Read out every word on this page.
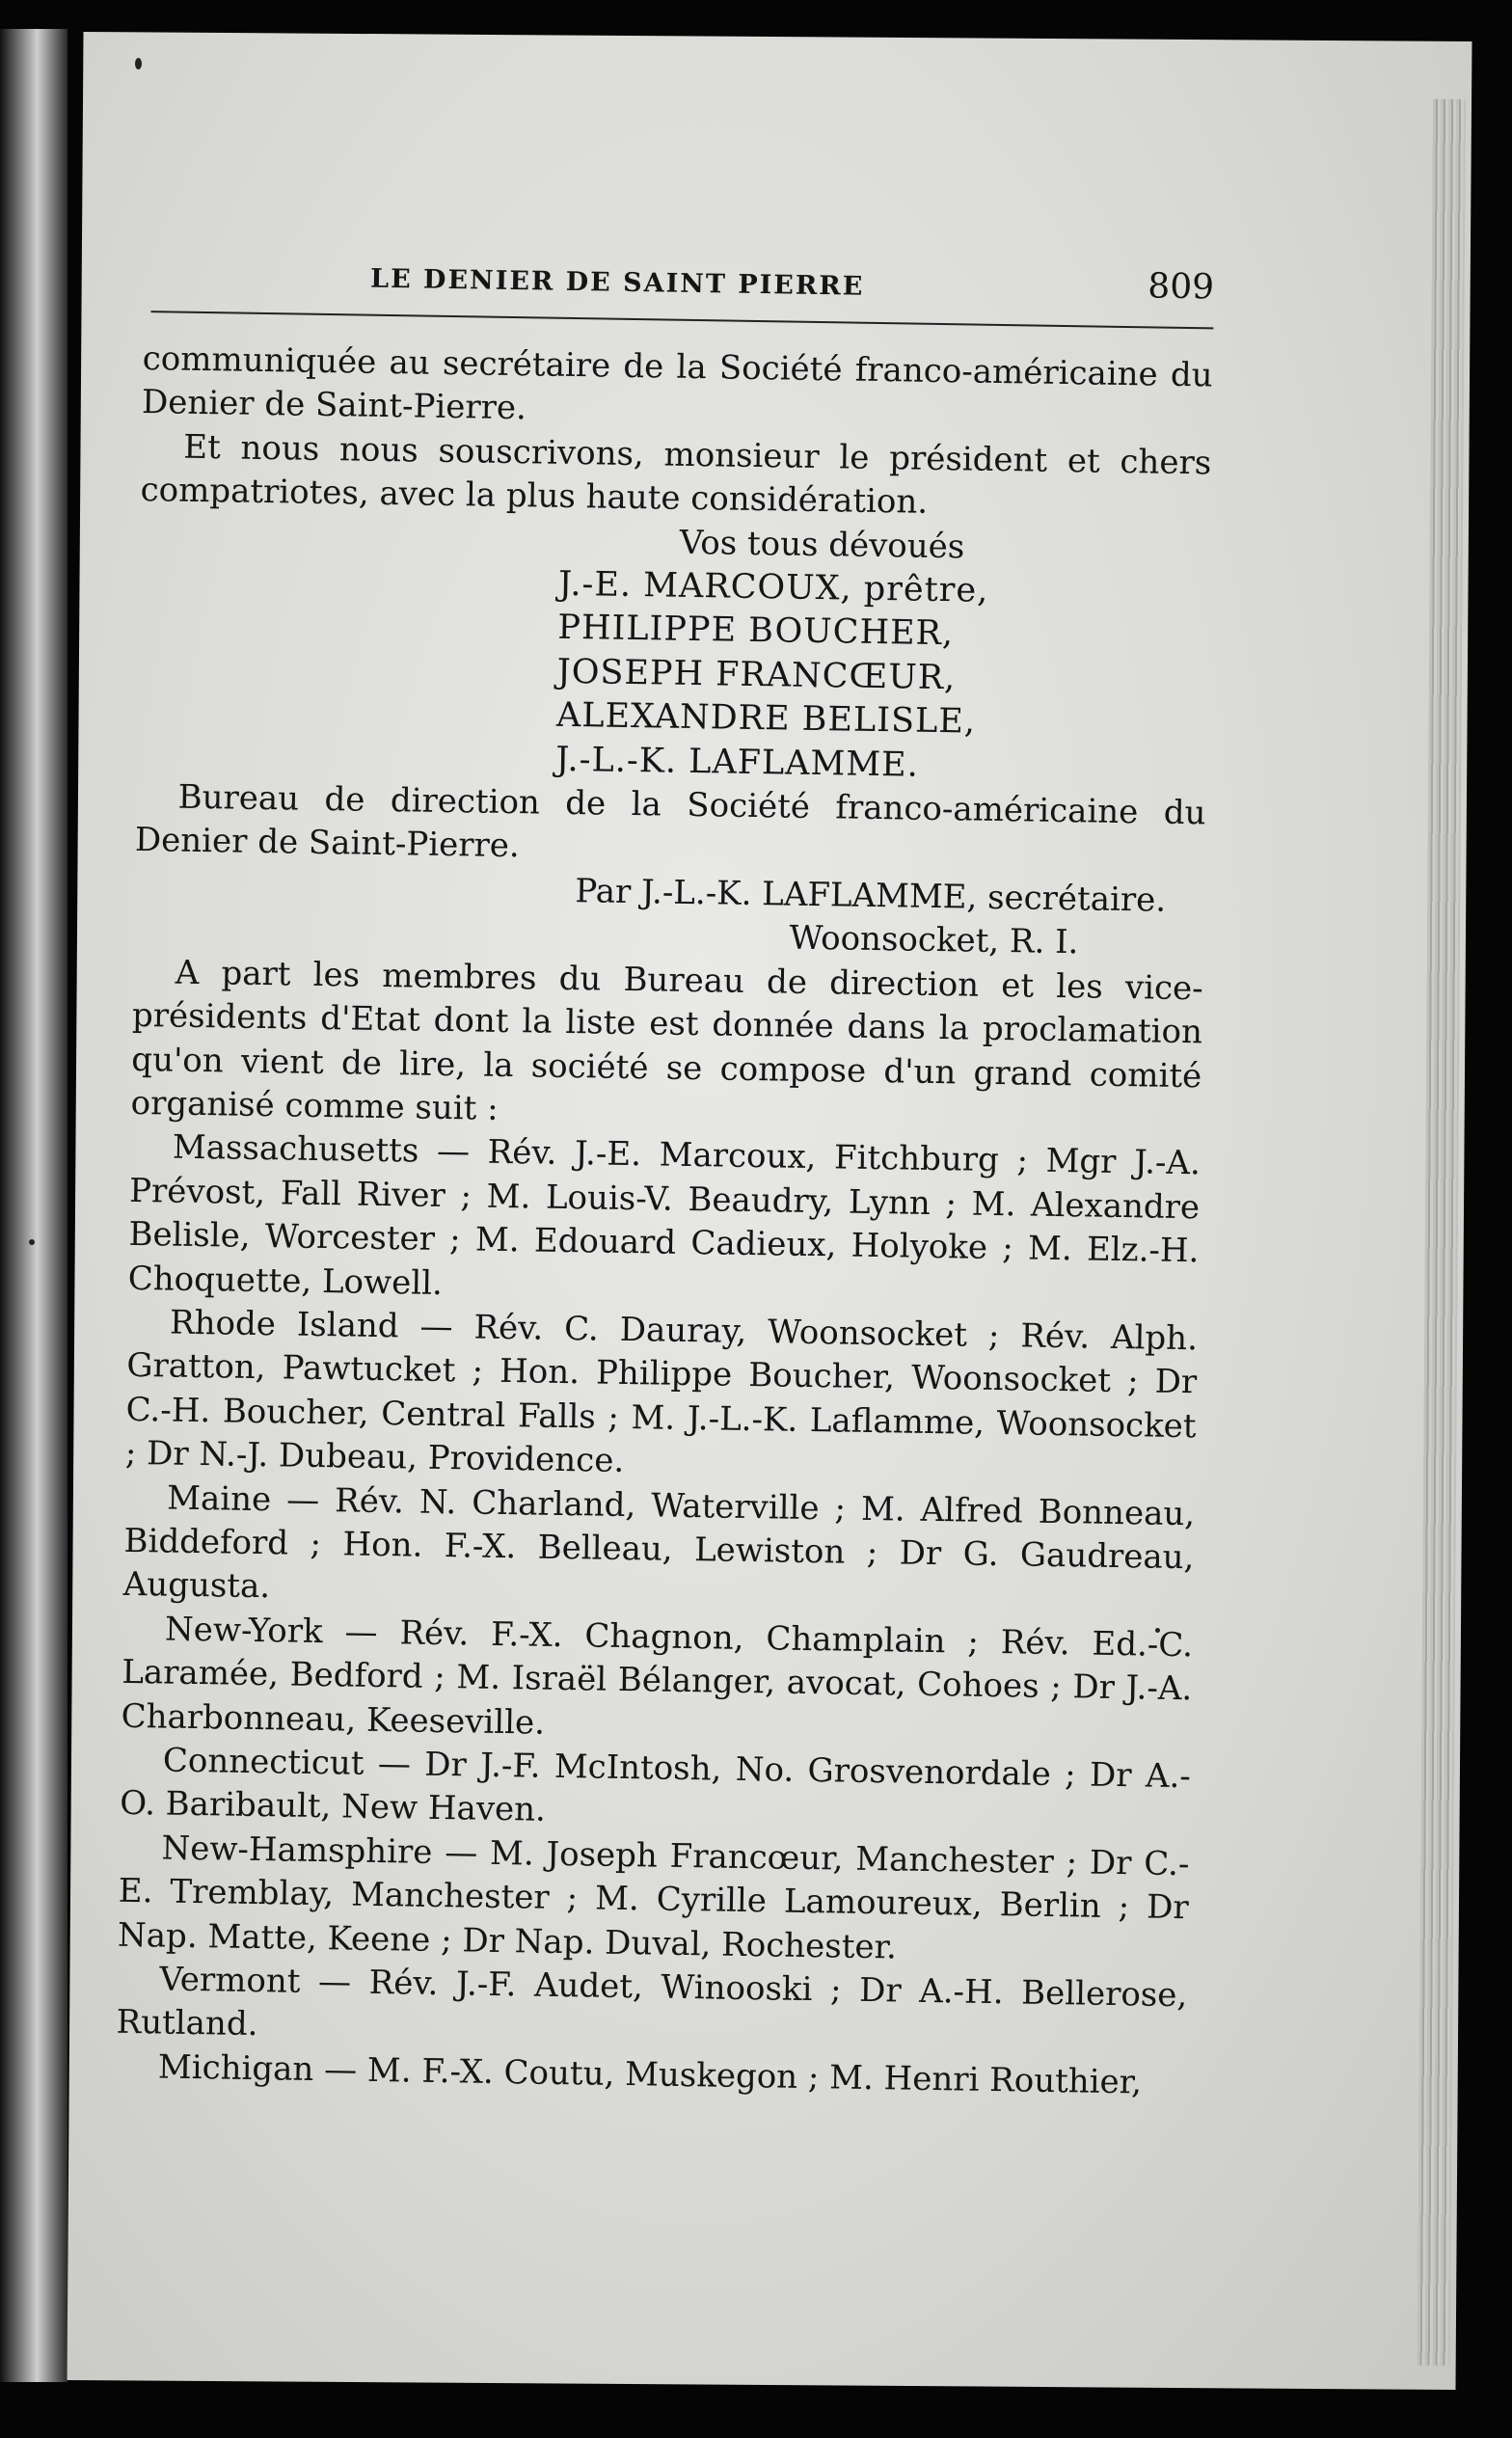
LE DENIER DE SAINT PIERRE	809

communiquée au secrétaire de la Société franco-américaine du Denier de Saint-Pierre.

Et nous nous souscrivons, monsieur le président et chers compatriotes, avec la plus haute considération.

Vos tous dévoués

J.-E. MARCOUX, prêtre,

PHILIPPE BOUCHER,

JOSEPH FRANCŒUR,

ALEXANDRE BELISLE,

J.-L.-K. LAFLAMME.

Bureau de direction de la Société franco-américaine du Denier de Saint-Pierre.

Par J.-L.-K. LAFLAMME, secrétaire.

Woonsocket, R. I.

A part les membres du Bureau de direction et les vice-présidents d'Etat dont la liste est donnée dans la proclamation qu'on vient de lire, la société se compose d'un grand comité organisé comme suit :

Massachusetts — Rév. J.-E. Marcoux, Fitchburg ; Mgr J.-A. Prévost, Fall River ; M. Louis-V. Beaudry, Lynn ; M. Alexandre Belisle, Worcester ; M. Edouard Cadieux, Holyoke ; M. Elz.-H. Choquette, Lowell.

Rhode Island — Rév. C. Dauray, Woonsocket ; Rév. Alph. Gratton, Pawtucket ; Hon. Philippe Boucher, Woonsocket ; Dr C.-H. Boucher, Central Falls ; M. J.-L.-K. Laflamme, Woonsocket ; Dr N.-J. Dubeau, Providence.

Maine — Rév. N. Charland, Waterville ; M. Alfred Bonneau, Biddeford ; Hon. F.-X. Belleau, Lewiston ; Dr G. Gaudreau, Augusta.

New-York — Rév. F.-X. Chagnon, Champlain ; Rév. Ed.-C. Laramée, Bedford ; M. Israël Bélanger, avocat, Cohoes ; Dr J.-A. Charbonneau, Keeseville.

Connecticut — Dr J.-F. McIntosh, No. Grosvenordale ; Dr A.-O. Baribault, New Haven.

New-Hamsphire — M. Joseph Francœur, Manchester ; Dr C.-E. Tremblay, Manchester ; M. Cyrille Lamoureux, Berlin ; Dr Nap. Matte, Keene ; Dr Nap. Duval, Rochester.

Vermont — Rév. J.-F. Audet, Winooski ; Dr A.-H. Bellerose, Rutland.

Michigan — M. F.-X. Coutu, Muskegon ; M. Henri Routhier,
